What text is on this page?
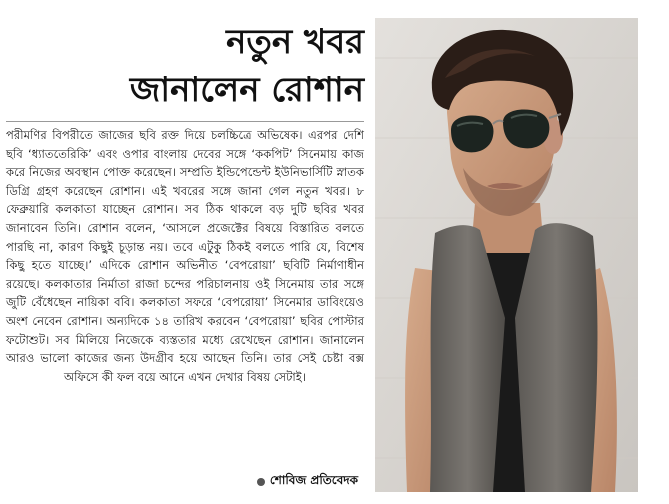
নতুন খবর
জানালেন রোশান
পরীমণির বিপরীতে জাজের ছবি রক্ত দিয়ে চলচ্চিত্রে অভিষেক। এরপর দেশি ছবি ‘ধ্যাততেরিকি’ এবং ওপার বাংলায় দেবের সঙ্গে ‘ককপিট’ সিনেমায় কাজ করে নিজের অবস্থান পোক্ত করেছেন। সম্প্রতি ইন্ডিপেন্ডেন্ট ইউনিভার্সিটি স্নাতক ডিগ্রি গ্রহণ করেছেন রোশান। এই খবরের সঙ্গে জানা গেল নতুন খবর। ৮ ফেব্রুয়ারি কলকাতা যাচ্ছেন রোশান। সব ঠিক থাকলে বড় দুটি ছবির খবর জানাবেন তিনি। রোশান বলেন, ‘আসলে প্রজেক্টের বিষয়ে বিস্তারিত বলতে পারছি না, কারণ কিছুই চূড়ান্ত নয়। তবে এটুকু ঠিকই বলতে পারি যে, বিশেষ কিছু হতে যাচ্ছে।’ এদিকে রোশান অভিনীত ‘বেপরোয়া’ ছবিটি নির্মাণাধীন রয়েছে। কলকাতার নির্মাতা রাজা চন্দের পরিচালনায় ওই সিনেমায় তার সঙ্গে জুটি বেঁধেছেন নায়িকা ববি। কলকাতা সফরে ‘বেপরোয়া’ সিনেমার ডাবিংয়েও অংশ নেবেন রোশান। অন্যদিকে ১৪ তারিখ করবেন ‘বেপরোয়া’ ছবির পোস্টার ফটোশুট। সব মিলিয়ে নিজেকে ব্যস্ততার মধ্যে রেখেছেন রোশান। জানালেন আরও ভালো কাজের জন্য উদগ্রীব হয়ে আছেন তিনি। তার সেই চেষ্টা বক্স অফিসে কী ফল বয়ে আনে এখন দেখার বিষয় সেটাই।
শোবিজ প্রতিবেদক
